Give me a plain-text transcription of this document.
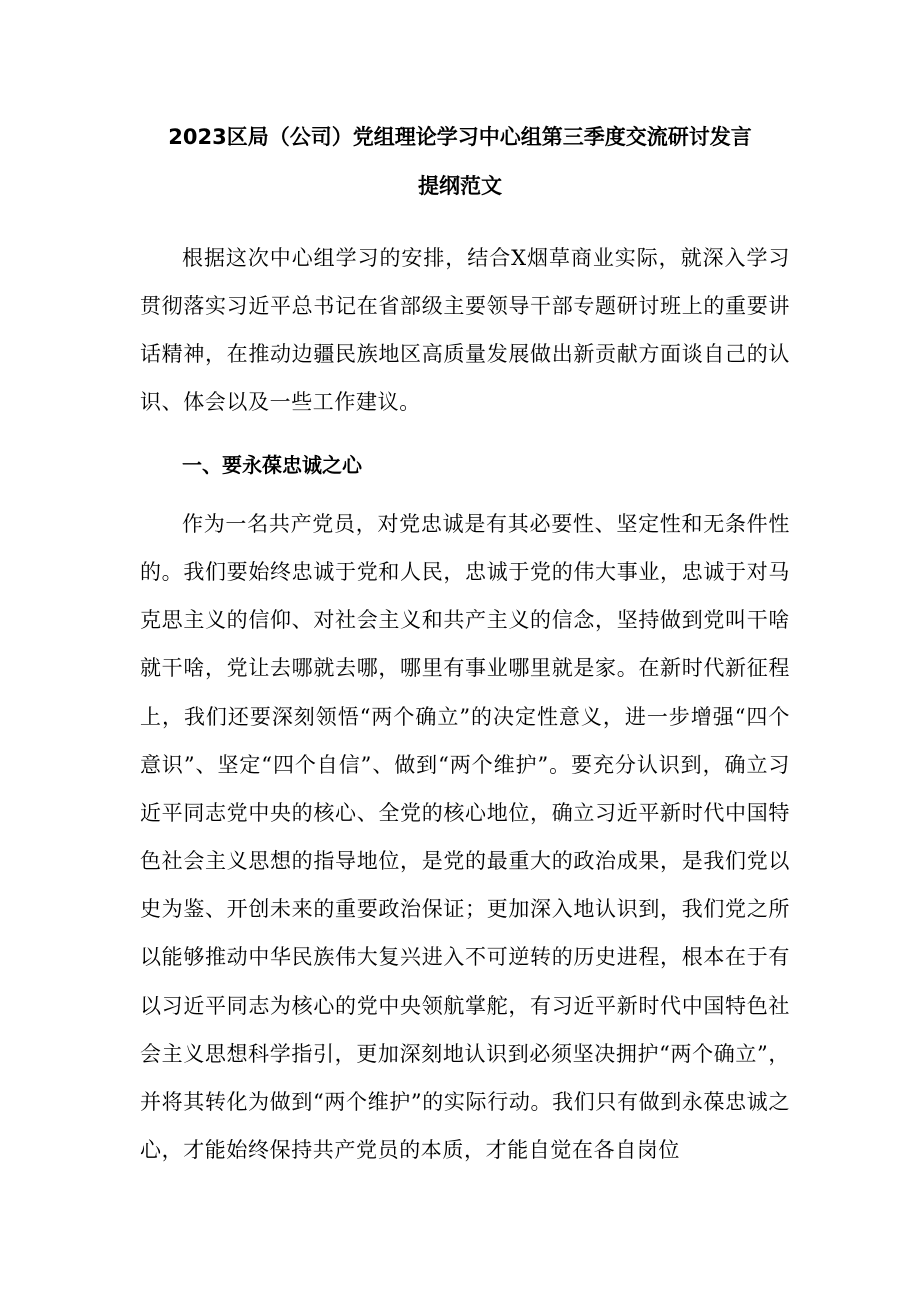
2023区局（公司）党组理论学习中心组第三季度交流研讨发言
提纲范文

根据这次中心组学习的安排，结合X烟草商业实际，就深入学习贯彻落实习近平总书记在省部级主要领导干部专题研讨班上的重要讲话精神，在推动边疆民族地区高质量发展做出新贡献方面谈自己的认识、体会以及一些工作建议。

一、要永葆忠诚之心

作为一名共产党员，对党忠诚是有其必要性、坚定性和无条件性的。我们要始终忠诚于党和人民，忠诚于党的伟大事业，忠诚于对马克思主义的信仰、对社会主义和共产主义的信念，坚持做到党叫干啥就干啥，党让去哪就去哪，哪里有事业哪里就是家。在新时代新征程上，我们还要深刻领悟“两个确立”的决定性意义，进一步增强“四个意识”、坚定“四个自信”、做到“两个维护”。要充分认识到，确立习近平同志党中央的核心、全党的核心地位，确立习近平新时代中国特色社会主义思想的指导地位，是党的最重大的政治成果，是我们党以史为鉴、开创未来的重要政治保证；更加深入地认识到，我们党之所以能够推动中华民族伟大复兴进入不可逆转的历史进程，根本在于有以习近平同志为核心的党中央领航掌舵，有习近平新时代中国特色社会主义思想科学指引，更加深刻地认识到必须坚决拥护“两个确立”，并将其转化为做到“两个维护”的实际行动。我们只有做到永葆忠诚之心，才能始终保持共产党员的本质，才能自觉在各自岗位
